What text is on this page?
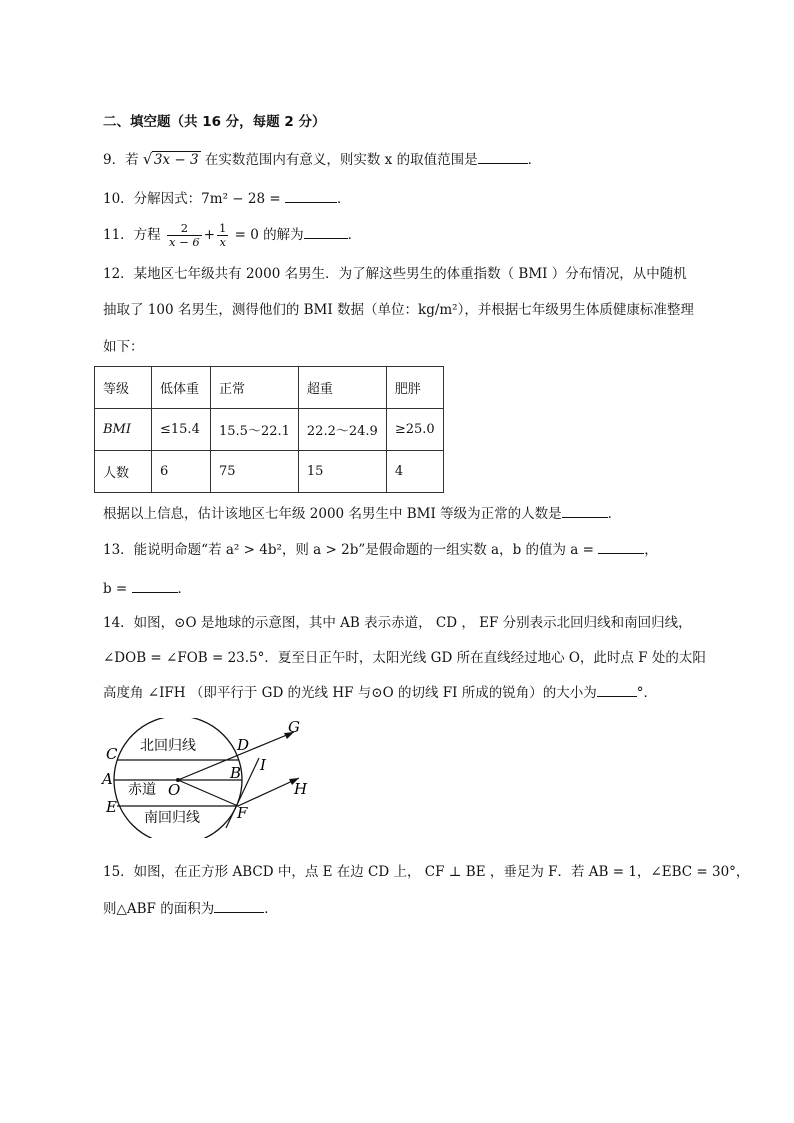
二、填空题（共 16 分，每题 2 分）
9．若 √ 3x − 3 在实数范围内有意义，则实数 x 的取值范围是	．
10．分解因式：7m² − 28 =	．
11．方程 $\frac{2}{x - 6} + \frac{1}{x} = 0$ 的解为	．
12．某地区七年级共有 2000 名男生．为了解这些男生的体重指数（ BMI ）分布情况，从中随机
抽取了 100 名男生，测得他们的 BMI 数据（单位：kg/m²），并根据七年级男生体质健康标准整理
如下：
等级	低体重	正常	超重	肥胖
BMI	≤15.4	15.5～22.1	22.2～24.9	≥25.0
人数	6	75	15	4
根据以上信息，估计该地区七年级 2000 名男生中 BMI 等级为正常的人数是	．
13．能说明命题“若 a² > 4b²，则 a > 2b”是假命题的一组实数 a，b 的值为 a =	，
b =	．
14．如图，⊙O 是地球的示意图，其中 AB 表示赤道， CD ， EF 分别表示北回归线和南回归线，
∠DOB = ∠FOB = 23.5°．夏至日正午时，太阳光线 GD 所在直线经过地心 O，此时点 F 处的太阳
高度角 ∠IFH （即平行于 GD 的光线 HF 与⊙O 的切线 FI 所成的锐角）的大小为	°．
G
C	D
I
A	B
O	H
E	F
北回归线
赤道
南回归线
15．如图，在正方形 ABCD 中，点 E 在边 CD 上， CF ⊥ BE ，垂足为 F．若 AB = 1，∠EBC = 30°，
则△ABF 的面积为	．
